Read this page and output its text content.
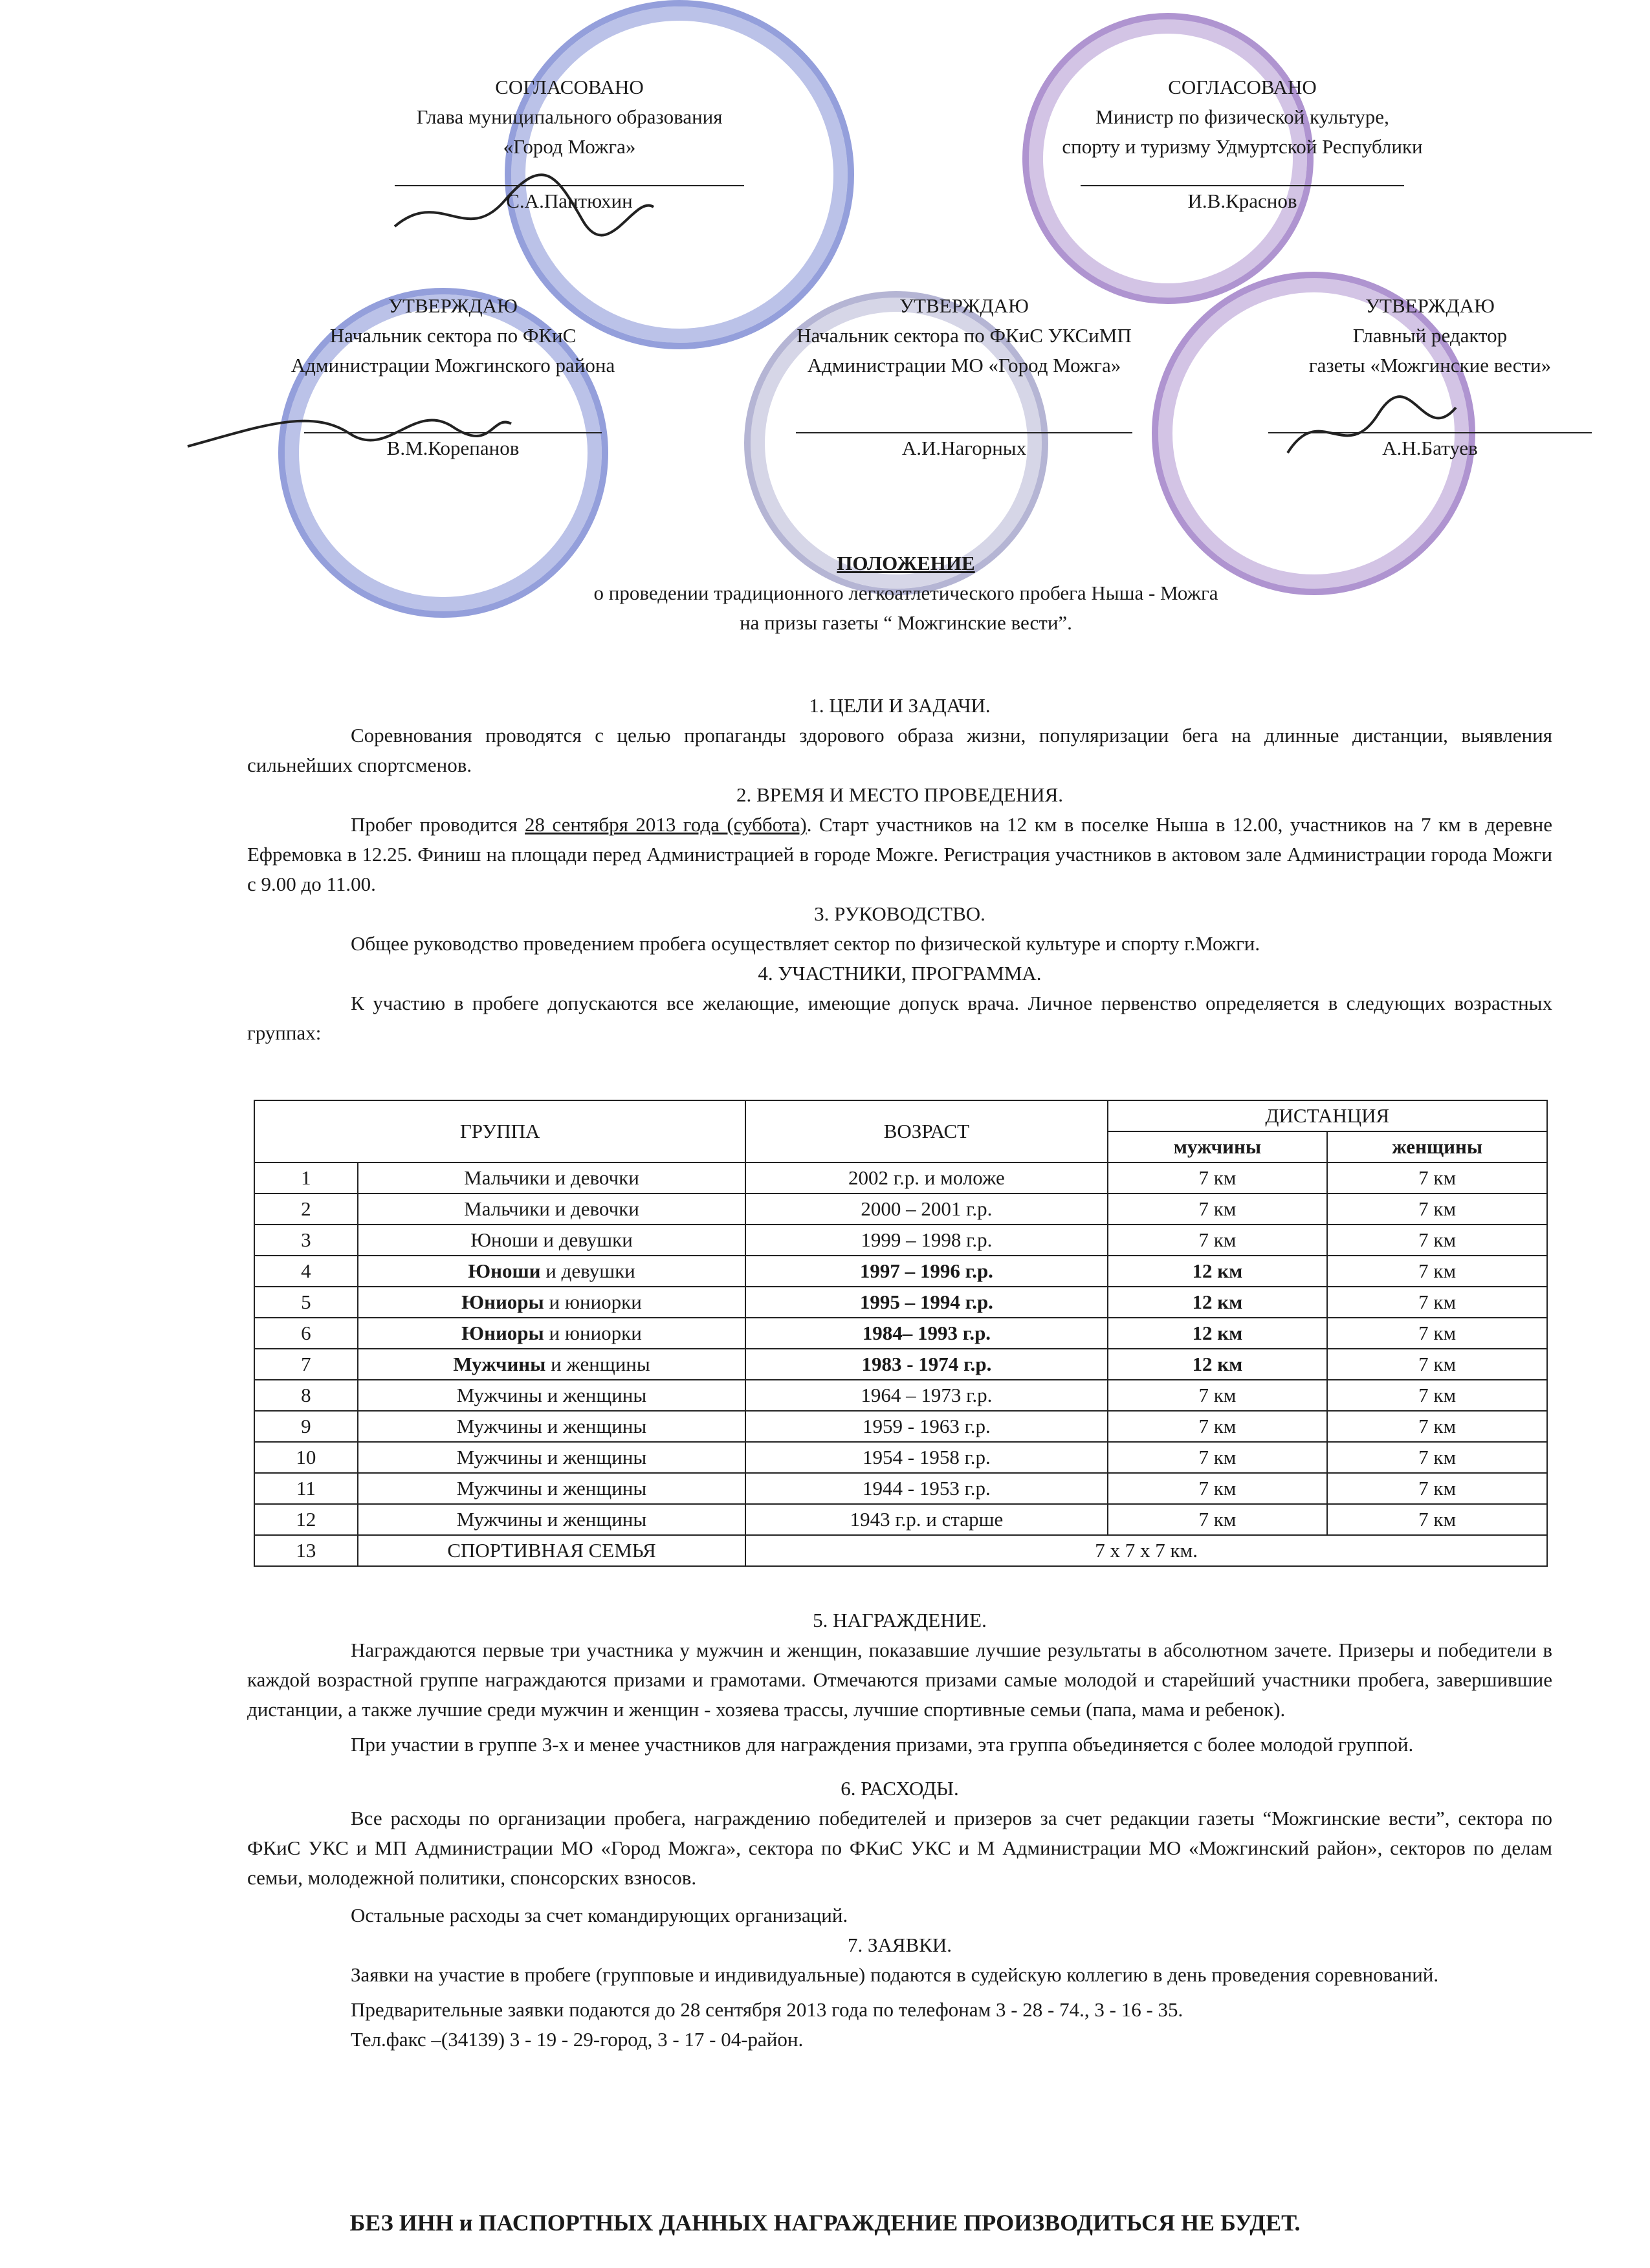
СОГЛАСОВАНО
Глава муниципального образования
«Город Можга»
С.А.Пантюхин
СОГЛАСОВАНО
Министр по физической культуре,
спорту и туризму Удмуртской Республики
И.В.Краснов
УТВЕРЖДАЮ
Начальник сектора по ФКиС
Администрации Можгинского района
В.М.Корепанов
УТВЕРЖДАЮ
Начальник сектора по ФКиС УКСиМП
Администрации МО «Город Можга»
А.И.Нагорных
УТВЕРЖДАЮ
Главный редактор
газеты «Можгинские вести»
А.Н.Батуев
ПОЛОЖЕНИЕ
о проведении традиционного легкоатлетического пробега Ныша - Можга
на призы газеты “ Можгинские вести”.
1. ЦЕЛИ И ЗАДАЧИ.
Соревнования проводятся с целью пропаганды здорового образа жизни, популяризации бега на длинные дистанции, выявления сильнейших спортсменов.
2. ВРЕМЯ И МЕСТО ПРОВЕДЕНИЯ.
Пробег проводится 28 сентября 2013 года (суббота). Старт участников на 12 км в поселке Ныша в 12.00, участников на 7 км в деревне Ефремовка в 12.25. Финиш на площади перед Администрацией в городе Можге. Регистрация участников в актовом зале Администрации города Можги с 9.00 до 11.00.
3. РУКОВОДСТВО.
Общее руководство проведением пробега осуществляет сектор по физической культуре и спорту г.Можги.
4. УЧАСТНИКИ, ПРОГРАММА.
К участию в пробеге допускаются все желающие, имеющие допуск врача. Личное первенство определяется в следующих возрастных группах:
ГРУППА		ВОЗРАСТ	ДИСТАНЦИЯ	
			мужчины	женщины
1	Мальчики и девочки	2002 г.р. и моложе	7 км	7 км
2	Мальчики и девочки	2000 – 2001 г.р.	7 км	7 км
3	Юноши и девушки	1999 – 1998 г.р.	7 км	7 км
4	Юноши и девушки	1997 – 1996 г.р.	12 км	7 км
5	Юниоры и юниорки	1995 – 1994 г.р.	12 км	7 км
6	Юниоры и юниорки	1984– 1993 г.р.	12 км	7 км
7	Мужчины и женщины	1983 - 1974 г.р.	12 км	7 км
8	Мужчины и женщины	1964 – 1973 г.р.	7 км	7 км
9	Мужчины и женщины	1959 - 1963 г.р.	7 км	7 км
10	Мужчины и женщины	1954 - 1958 г.р.	7 км	7 км
11	Мужчины и женщины	1944 - 1953 г.р.	7 км	7 км
12	Мужчины и женщины	1943 г.р. и старше	7 км	7 км
13	СПОРТИВНАЯ СЕМЬЯ	7 х 7 х 7 км.		
5. НАГРАЖДЕНИЕ.
Награждаются первые три участника у мужчин и женщин, показавшие лучшие результаты в абсолютном зачете. Призеры и победители в каждой возрастной группе награждаются призами и грамотами. Отмечаются призами самые молодой и старейший участники пробега, завершившие дистанции, а также лучшие среди мужчин и женщин - хозяева трассы, лучшие спортивные семьи (папа, мама и ребенок).
При участии в группе 3-х и менее участников для награждения призами, эта группа объединяется с более молодой группой.
6. РАСХОДЫ.
Все расходы по организации пробега, награждению победителей и призеров за счет редакции газеты “Можгинские вести”, сектора по ФКиС УКС и МП Администрации МО «Город Можга», сектора по ФКиС УКС и М Администрации МО «Можгинский район», секторов по делам семьи, молодежной политики, спонсорских взносов.
Остальные расходы за счет командирующих организаций.
7. ЗАЯВКИ.
Заявки на участие в пробеге (групповые и индивидуальные) подаются в судейскую коллегию в день проведения соревнований.
Предварительные заявки подаются до 28 сентября 2013 года по телефонам 3 - 28 - 74., 3 - 16 - 35.
Тел.факс –(34139) 3 - 19 - 29-город, 3 - 17 - 04-район.
БЕЗ ИНН и ПАСПОРТНЫХ ДАННЫХ НАГРАЖДЕНИЕ ПРОИЗВОДИТЬСЯ НЕ БУДЕТ.
